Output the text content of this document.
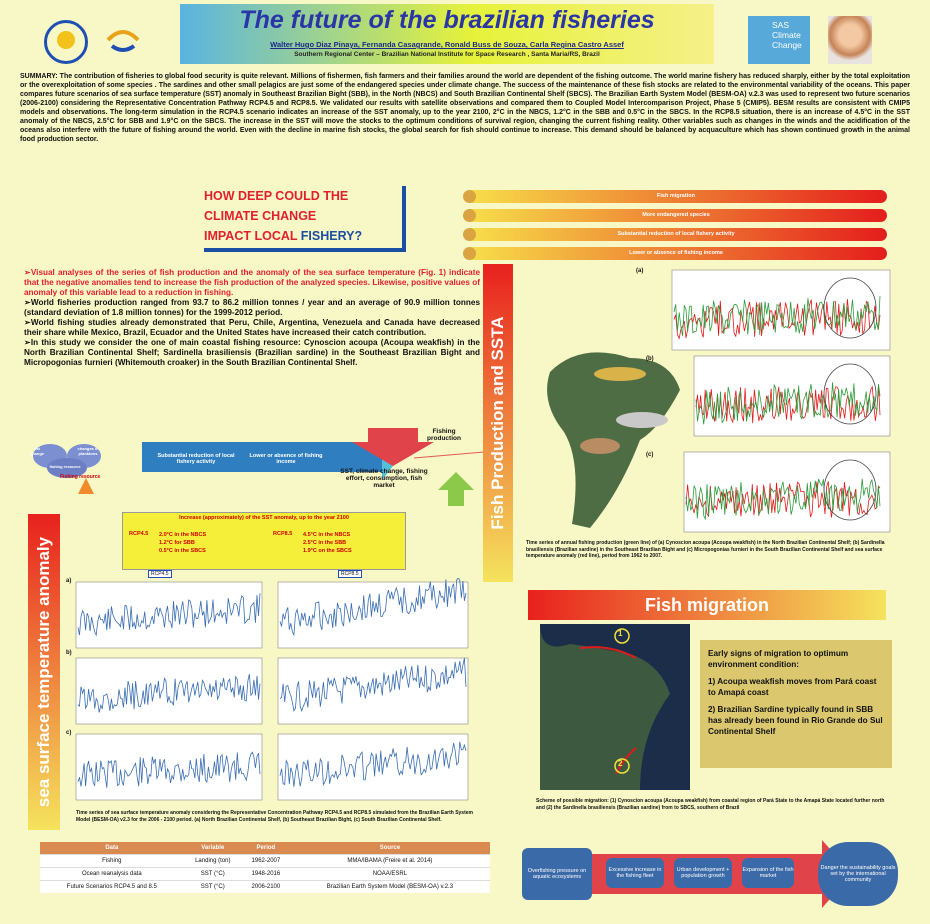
The future of the brazilian fisheries
Walter Hugo Diaz Pinaya, Fernanda Casagrande, Ronald Buss de Souza, Carla Regina Castro Assef
Southern Regional Center – Brazilian National Institute for Space Research , Santa Maria/RS, Brazil
SAS Climate Change
SUMMARY: The contribution of fisheries to global food security is quite relevant. Millions of fishermen, fish farmers and their families around the world are dependent of the fishing outcome. The world marine fishery has reduced sharply, either by the total exploitation or the overexploitation of some species . The sardines and other small pelagics are just some of the endangered species under climate change. The success of the maintenance of these fish stocks are related to the environmental variability of the oceans. This paper compares future scenarios of sea surface temperature (SST) anomaly in Southeast Brazilian Bight (SBB), in the North (NBCS) and South Brazilian Continental Shelf (SBCS). The Brazilian Earth System Model (BESM-OA) v.2.3 was used to represent two future scenarios (2006-2100) considering the Representative Concentration Pathway RCP4.5 and RCP8.5. We validated our results with satellite observations and compared them to Coupled Model Intercomparison Project, Phase 5 (CMIP5). BESM results are consistent with CMIP5 models and observations. The long-term simulation in the RCP4.5 scenario indicates an increase of the SST anomaly, up to the year 2100, 2°C in the NBCS, 1.2°C in the SBB and 0.5°C in the SBCS. In the RCP8.5 situation, there is an increase of 4.5°C in the SST anomaly of the NBCS, 2.5°C for SBB and 1.9°C on the SBCS. The increase in the SST will move the stocks to the optimum conditions of survival region, changing the current fishing reality. Other variables such as changes in the winds and the acidification of the oceans also interfere with the future of fishing around the world. Even with the decline in marine fish stocks, the global search for fish should continue to increase. This demand should be balanced by acquaculture which has shown continued growth in the animal food production sector.
HOW DEEP COULD THE
CLIMATE CHANGE
IMPACT LOCAL FISHERY?
Fish migration
More endangered species
Substantial reduction of local fishery activity
Lower or absence of fishing income
➢Visual analyses of the series of fish production and the anomaly of the sea surface temperature (Fig. 1) indicate that the negative anomalies tend to increase the fish production of the analyzed species. Likewise, positive values of anomaly of this variable lead to a reduction in fishing.
➢World fisheries production ranged from 93.7 to 86.2 million tonnes / year and an average of 90.9 million tonnes (standard deviation of 1.8 million tonnes) for the 1999-2012 period.
➢World fishing studies already demonstrated that Peru, Chile, Argentina, Venezuela and Canada have decreased their share while Mexico, Brazil, Ecuador and the United States have increased their catch contribution.
➢In this study we consider the one of main coastal fishing resource: Cynoscion acoupa (Acoupa weakfish) in the North Brazilian Continental Shelf; Sardinella brasiliensis (Brazilian sardine) in the Southeast Brazilian Bight and Micropogonias furnieri (Whitemouth croaker) in the South Brazilian Continental Shelf.
sst change
changes in planktons
fishing resource
Fishing resource
Substantial reduction of local fishery activity
Lower or absence of fishing income
Fishing production
SST, climate change, fishing effort, consumption, fish market	Fish Production and SSTA
sea surface temperature anomaly
Increase (approximately) of the SST anomaly, up to the year 2100
RCP4.5 2.0°C in the NBCS
1.2°C for SBB
0.5°C in the SBCS
RCP8.5 4.5°C in the NBCS
2.5°C in the SBB
1.9°C on the SBCS
RCP4.5	RCP8.5
a)
b)
c)
Time series of sea surface temperature anomaly considering the Representative Concentration Pathway RCP4.5 and RCP8.5 simulated from the Brazilian Earth System Model (BESM-OA) v2.3 for the 2006 - 2100 period. (a) North Brazilian Continental Shelf, (b) Southeast Brazilian Bight, (c) South Brazilian Continental Shelf.
Data	Variable	Period	Source
Fishing	Landing (ton)	1962-2007	MMA/IBAMA (Freire et al. 2014)
Ocean reanalysis data	SST (°C)	1948-2016	NOAA/ESRL
Future Scenarios RCP4.5 and 8.5	SST (°C)	2006-2100	Brazilian Earth System Model (BESM-OA) v.2.3
(a)
(b)
(c)
Time series of annual fishing production (green line) of (a) Cynoscion acoupa (Acoupa weakfish) in the North Brazilian Continental Shelf; (b) Sardinella brasiliensis (Brazilian sardine) in the Southeast Brazilian Bight and (c) Micropogonias furnieri in the South Brazilian Continental Shelf and sea surface temperature anomaly (red line), period from 1962 to 2007.
Fish migration
1
2
Early signs of migration to optimum environment condition:
1) Acoupa weakfish moves from Pará coast to Amapá coast
2) Brazilian Sardine typically found in SBB has already been found in Rio Grande do Sul Continental Shelf
Scheme of possible migration: (1) Cynoscion acoupa (Acoupa weakfish) from coastal region of Pará State to the Amapá State located further north and (2) the Sardinella brasiliensis (Brazilian sardine) from to SBCS, southern of Brazil
Overfishing pressure on aquatic ecosystems
Excessive increase in the fishing fleet
Urban development + population growth
Expansion of the fish market
Danger the sustainability goals set by the international community
